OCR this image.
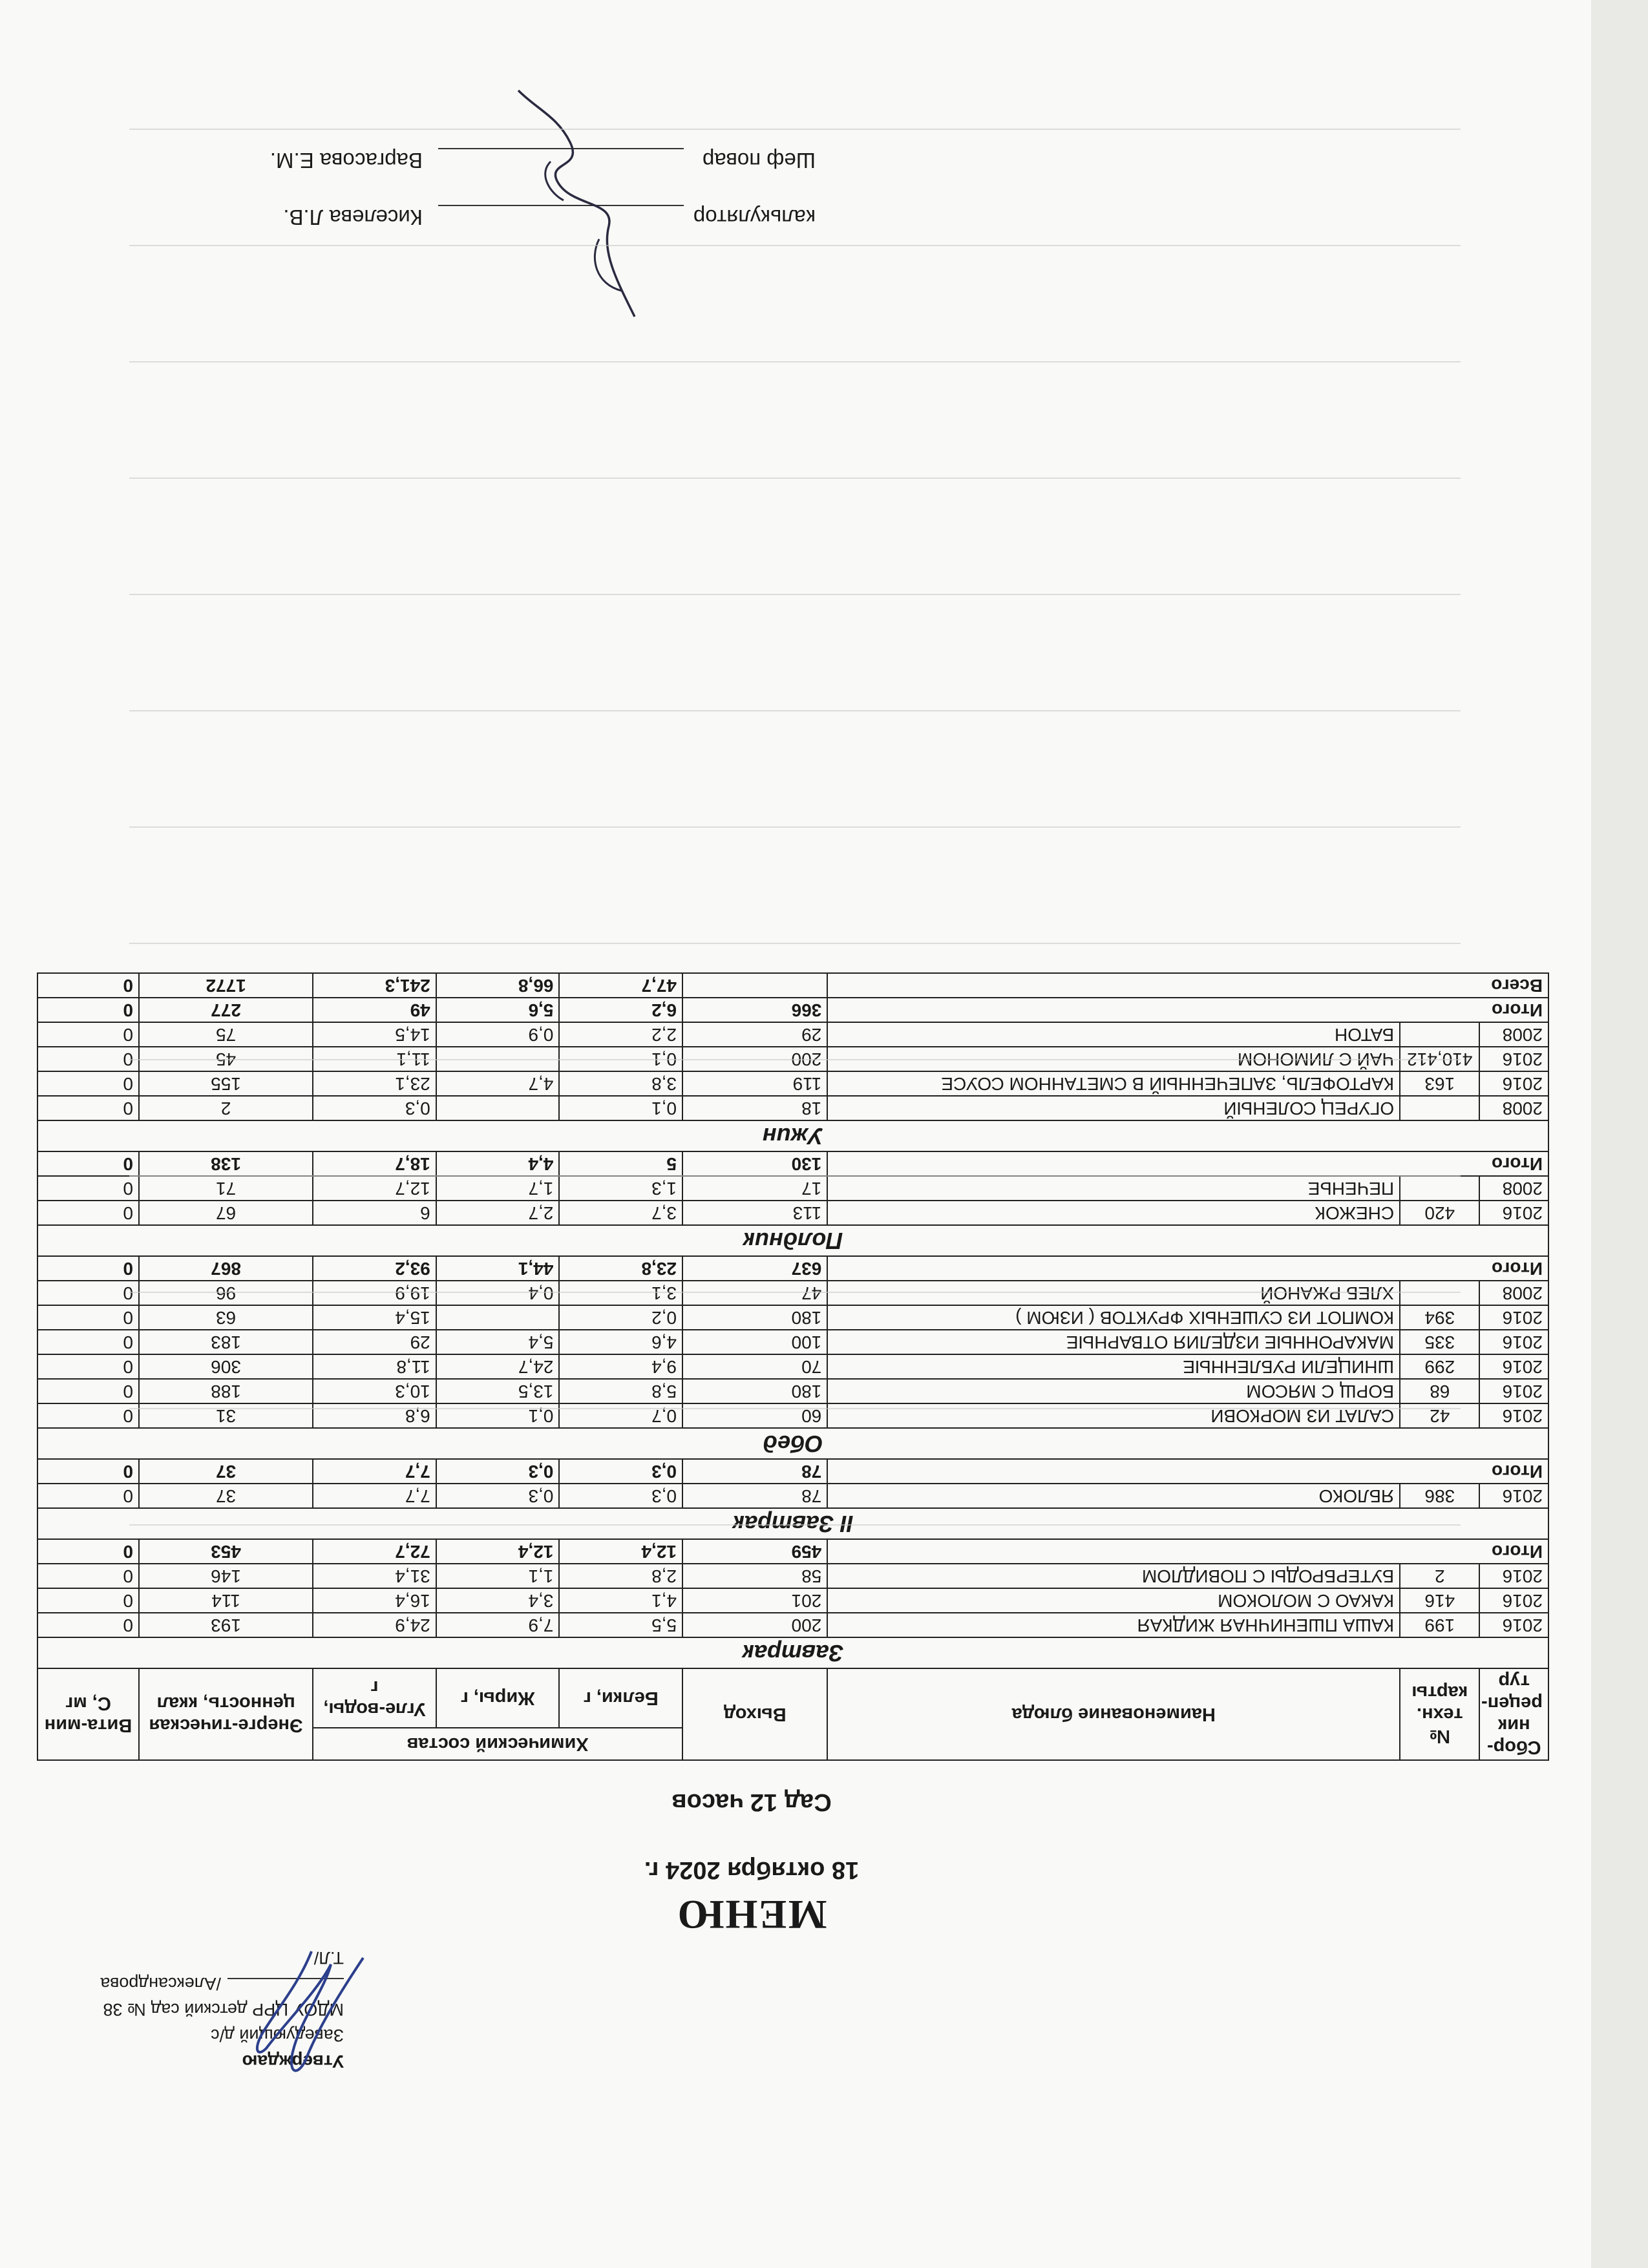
Утверждаю
Заведующий д/с
МДОУ ЦРР детский сад № 38
/Александрова Т.Л/
МЕНЮ
18 октября 2024 г.
Сад 12 часов
Сбор-ник рецеп-тур	№ техн. карты	Наименование блюда	Выход	Химический состав			Энерге-тическая ценность, ккал	Вита-мин С, мг
				Белки, г	Жиры, г	Угле-воды, г		
Завтрак								
2016	199	КАША ПШЕНИЧНАЯ ЖИДКАЯ	200	5,5	7,9	24,9	193	0
2016	416	КАКАО С МОЛОКОМ	201	4,1	3,4	16,4	114	0
2016	2	БУТЕРБРОДЫ С ПОВИДЛОМ	58	2,8	1,1	31,4	146	0
Итого			459	12,4	12,4	72,7	453	0
II Завтрак								
2016	386	ЯБЛОКО	78	0,3	0,3	7,7	37	0
Итого			78	0,3	0,3	7,7	37	0
Обед								
2016	42	САЛАТ ИЗ МОРКОВИ	60	0,7	0,1	6,8	31	0
2016	68	БОРЩ С МЯСОМ	180	5,8	13,5	10,3	188	0
2016	299	ШНИЦЕЛИ РУБЛЕННЫЕ	70	9,4	24,7	11,8	306	0
2016	335	МАКАРОННЫЕ ИЗДЕЛИЯ ОТВАРНЫЕ	100	4,6	5,4	29	183	0
2016	394	КОМПОТ ИЗ СУШЕНЫХ ФРУКТОВ ( ИЗЮМ )	180	0,2		15,4	63	0
2008		ХЛЕБ РЖАНОЙ	47	3,1	0,4	19,9	96	0
Итого			637	23,8	44,1	93,2	867	0
Полдник								
2016	420	СНЕЖОК	113	3,7	2,7	6	67	0
2008		ПЕЧЕНЬЕ	17	1,3	1,7	12,7	71	0
Итого			130	5	4,4	18,7	138	0
Ужин								
2008		ОГУРЕЦ СОЛЕНЫЙ	18	0,1		0,3	2	0
2016	163	КАРТОФЕЛЬ, ЗАПЕЧЕННЫЙ В СМЕТАННОМ СОУСЕ	119	3,8	4,7	23,1	155	0
2016	410,412	ЧАЙ С ЛИМОНОМ	200	0,1		11,1	45	0
2008		БАТОН	29	2,2	0,9	14,5	75	0
Итого			366	6,2	5,6	49	277	0
Всего				47,7	66,8	241,3	1772	0
калькулятор
Киселева Л.В.
Шеф повар
Варгасова Е.М.
